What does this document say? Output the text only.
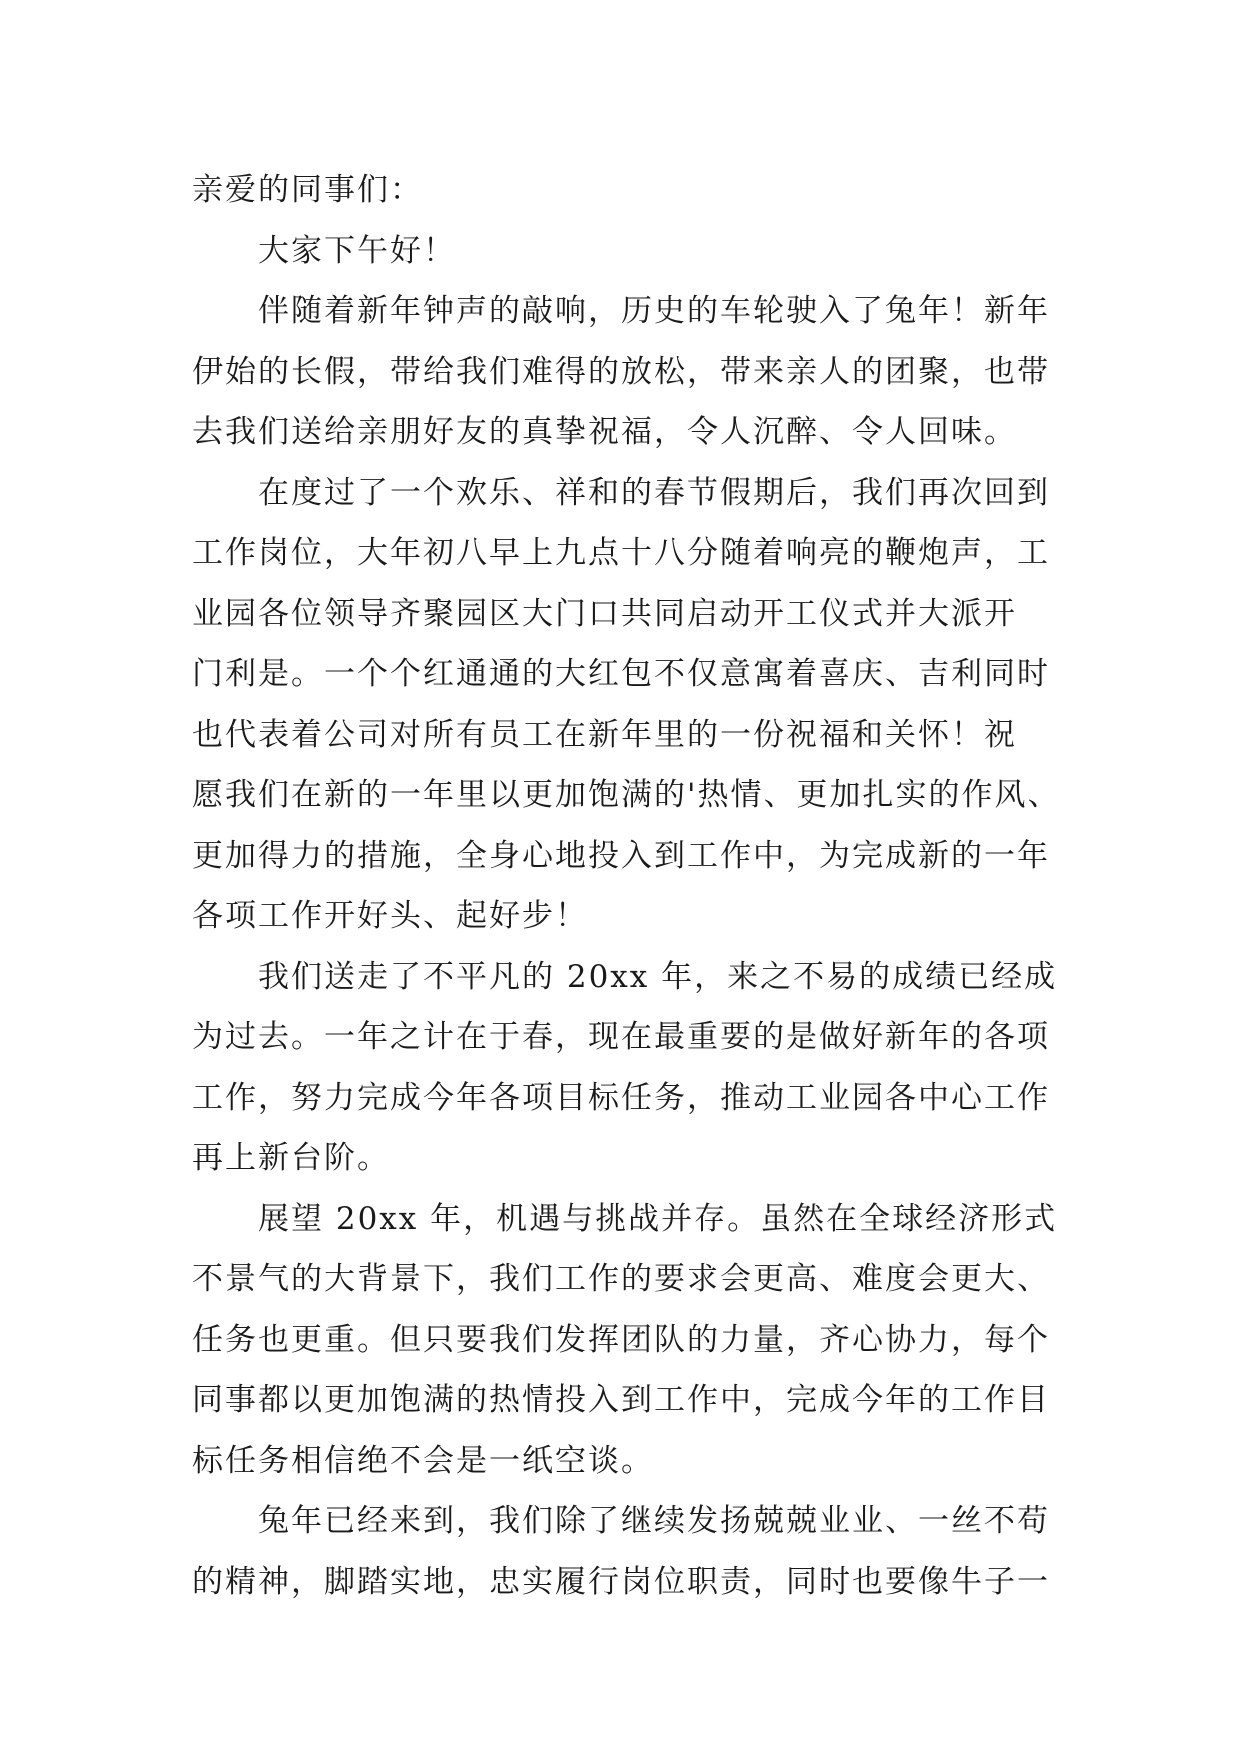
亲爱的同事们：
大家下午好！
伴随着新年钟声的敲响，历史的车轮驶入了兔年！新年
伊始的长假，带给我们难得的放松，带来亲人的团聚，也带
去我们送给亲朋好友的真挚祝福，令人沉醉、令人回味。
在度过了一个欢乐、祥和的春节假期后，我们再次回到
工作岗位，大年初八早上九点十八分随着响亮的鞭炮声，工
业园各位领导齐聚园区大门口共同启动开工仪式并大派开
门利是。一个个红通通的大红包不仅意寓着喜庆、吉利同时
也代表着公司对所有员工在新年里的一份祝福和关怀！祝
愿我们在新的一年里以更加饱满的'热情、更加扎实的作风、
更加得力的措施，全身心地投入到工作中，为完成新的一年
各项工作开好头、起好步！
我们送走了不平凡的 20xx 年，来之不易的成绩已经成
为过去。一年之计在于春，现在最重要的是做好新年的各项
工作，努力完成今年各项目标任务，推动工业园各中心工作
再上新台阶。
展望 20xx 年，机遇与挑战并存。虽然在全球经济形式
不景气的大背景下，我们工作的要求会更高、难度会更大、
任务也更重。但只要我们发挥团队的力量，齐心协力，每个
同事都以更加饱满的热情投入到工作中，完成今年的工作目
标任务相信绝不会是一纸空谈。
兔年已经来到，我们除了继续发扬兢兢业业、一丝不苟
的精神，脚踏实地，忠实履行岗位职责，同时也要像牛子一
